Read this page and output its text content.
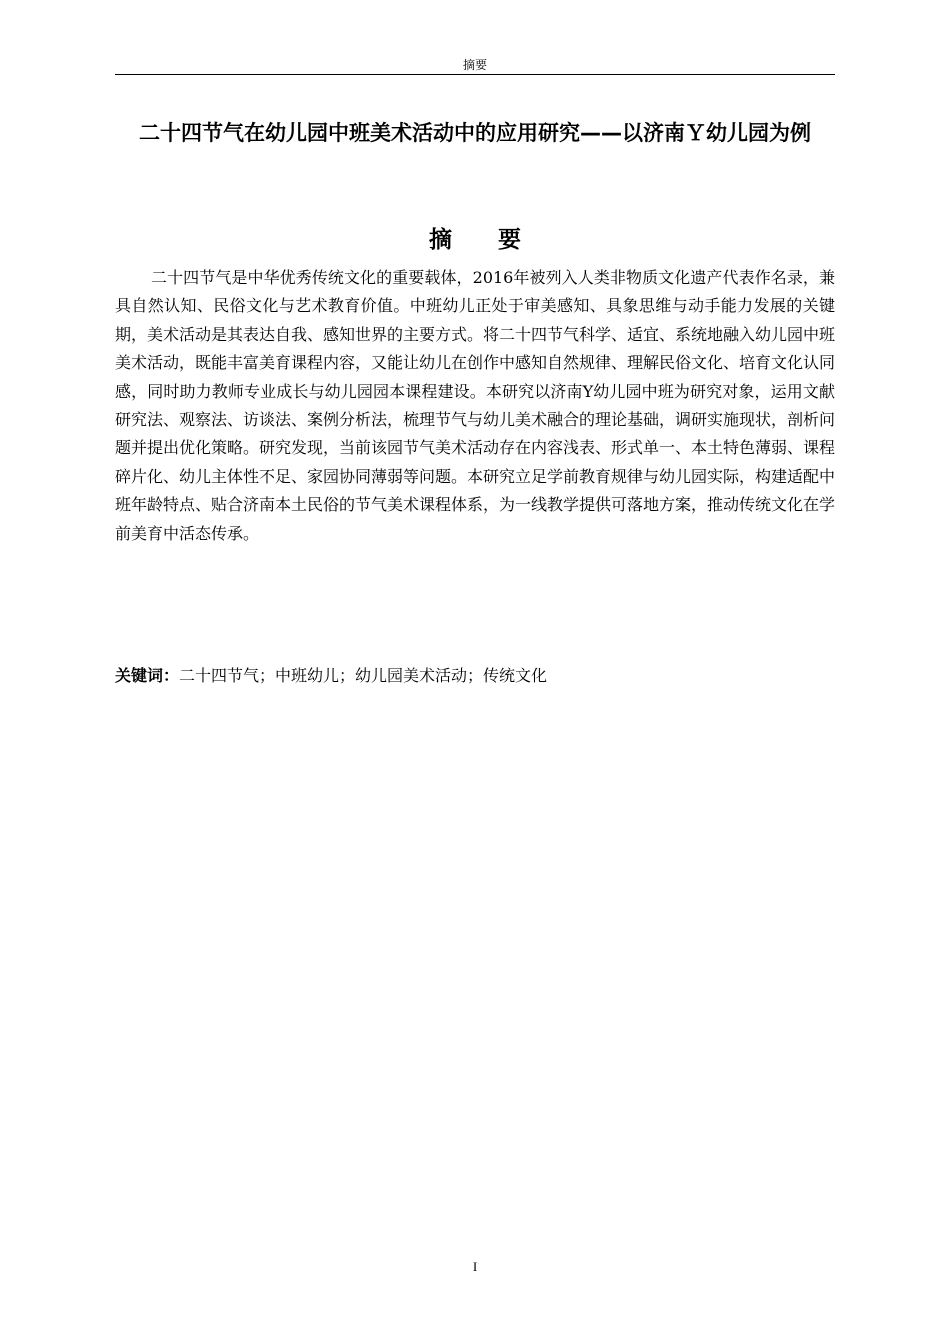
摘要
二十四节气在幼儿园中班美术活动中的应用研究——以济南Ｙ幼儿园为例
摘 要

二十四节气是中华优秀传统文化的重要载体，2016年被列入人类非物质文化遗产代表作名录，兼具自然认知、民俗文化与艺术教育价值。中班幼儿正处于审美感知、具象思维与动手能力发展的关键期，美术活动是其表达自我、感知世界的主要方式。将二十四节气科学、适宜、系统地融入幼儿园中班美术活动，既能丰富美育课程内容，又能让幼儿在创作中感知自然规律、理解民俗文化、培育文化认同感，同时助力教师专业成长与幼儿园园本课程建设。本研究以济南Y幼儿园中班为研究对象，运用文献研究法、观察法、访谈法、案例分析法，梳理节气与幼儿美术融合的理论基础，调研实施现状，剖析问题并提出优化策略。研究发现，当前该园节气美术活动存在内容浅表、形式单一、本土特色薄弱、课程碎片化、幼儿主体性不足、家园协同薄弱等问题。本研究立足学前教育规律与幼儿园实际，构建适配中班年龄特点、贴合济南本土民俗的节气美术课程体系，为一线教学提供可落地方案，推动传统文化在学前美育中活态传承。

关键词：二十四节气；中班幼儿；幼儿园美术活动；传统文化

I
